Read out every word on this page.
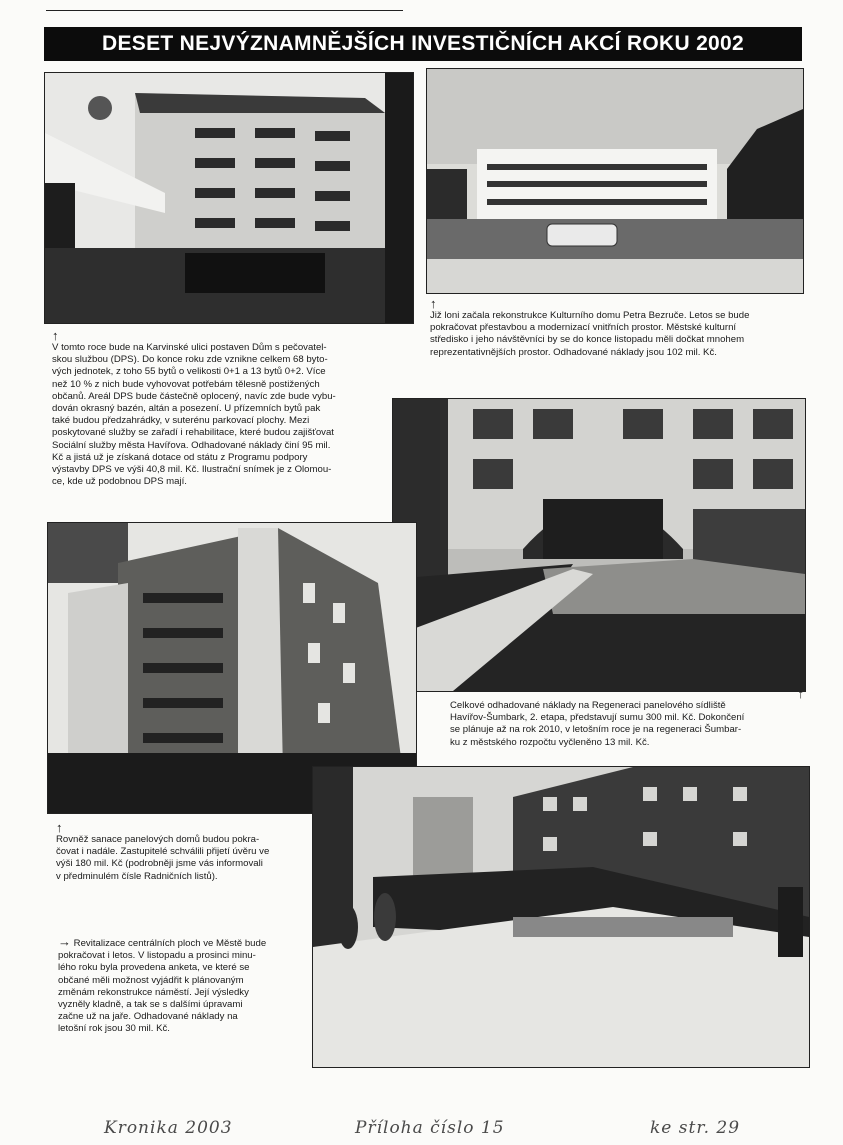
DESET NEJVÝZNAMNĚJŠÍCH INVESTIČNÍCH AKCÍ ROKU 2002
↑

V tomto roce bude na Karvinské ulici postaven Dům s pečovatel-
skou službou (DPS). Do konce roku zde vznikne celkem 68 byto-
vých jednotek, z toho 55 bytů o velikosti 0+1 a 13 bytů 0+2. Více
než 10 % z nich bude vyhovovat potřebám tělesně postižených
občanů. Areál DPS bude částečně oplocený, navíc zde bude vybu-
dován okrasný bazén, altán a posezení. U přízemních bytů pak
také budou předzahrádky, v suterénu parkovací plochy. Mezi
poskytované služby se zařadí i rehabilitace, které budou zajišťovat
Sociální služby města Havířova. Odhadované náklady činí 95 mil.
Kč a jistá už je získaná dotace od státu z Programu podpory
výstavby DPS ve výši 40,8 mil. Kč. Ilustrační snímek je z Olomou-
ce, kde už podobnou DPS mají.

↑

Již loni začala rekonstrukce Kulturního domu Petra Bezruče. Letos se bude
pokračovat přestavbou a modernizací vnitřních prostor. Městské kulturní
středisko i jeho návštěvníci by se do konce listopadu měli dočkat mnohem
reprezentativnějších prostor. Odhadované náklady jsou 102 mil. Kč.

↑

Celkové odhadované náklady na Regeneraci panelového sídliště
Havířov-Šumbark, 2. etapa, představují sumu 300 mil. Kč. Dokončení
se plánuje až na rok 2010, v letošním roce je na regeneraci Šumbar-
ku z městského rozpočtu vyčleněno 13 mil. Kč.

↑

Rovněž sanace panelových domů budou pokra-
čovat i nadále. Zastupitelé schválili přijetí úvěru ve
výši 180 mil. Kč (podrobněji jsme vás informovali
v předminulém čísle Radničních listů).

→ Revitalizace centrálních ploch ve Městě bude
pokračovat i letos. V listopadu a prosinci minu-
lého roku byla provedena anketa, ve které se
občané měli možnost vyjádřit k plánovaným
změnám rekonstrukce náměstí. Její výsledky
vyzněly kladně, a tak se s dalšími úpravami
začne už na jaře. Odhadované náklady na
letošní rok jsou 30 mil. Kč.

Kronika 2003	Příloha číslo 15	ke str. 29
